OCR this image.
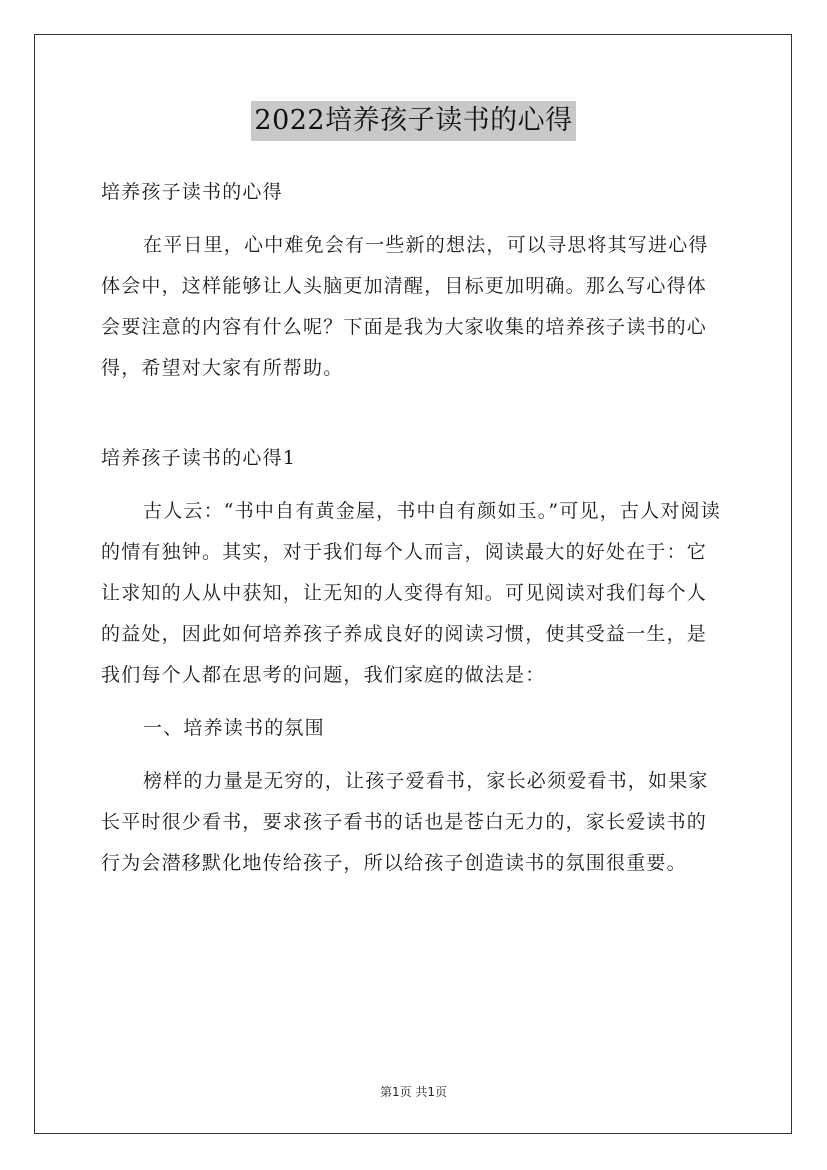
2022培养孩子读书的心得

培养孩子读书的心得

在平日里，心中难免会有一些新的想法，可以寻思将其写进心得体会中，这样能够让人头脑更加清醒，目标更加明确。那么写心得体会要注意的内容有什么呢？下面是我为大家收集的培养孩子读书的心得，希望对大家有所帮助。

培养孩子读书的心得1

古人云：“书中自有黄金屋，书中自有颜如玉。”可见，古人对阅读的情有独钟。其实，对于我们每个人而言，阅读最大的好处在于：它让求知的人从中获知，让无知的人变得有知。可见阅读对我们每个人的益处，因此如何培养孩子养成良好的阅读习惯，使其受益一生，是我们每个人都在思考的问题，我们家庭的做法是：

一、培养读书的氛围

榜样的力量是无穷的，让孩子爱看书，家长必须爱看书，如果家长平时很少看书，要求孩子看书的话也是苍白无力的，家长爱读书的行为会潜移默化地传给孩子，所以给孩子创造读书的氛围很重要。

第1页 共1页
